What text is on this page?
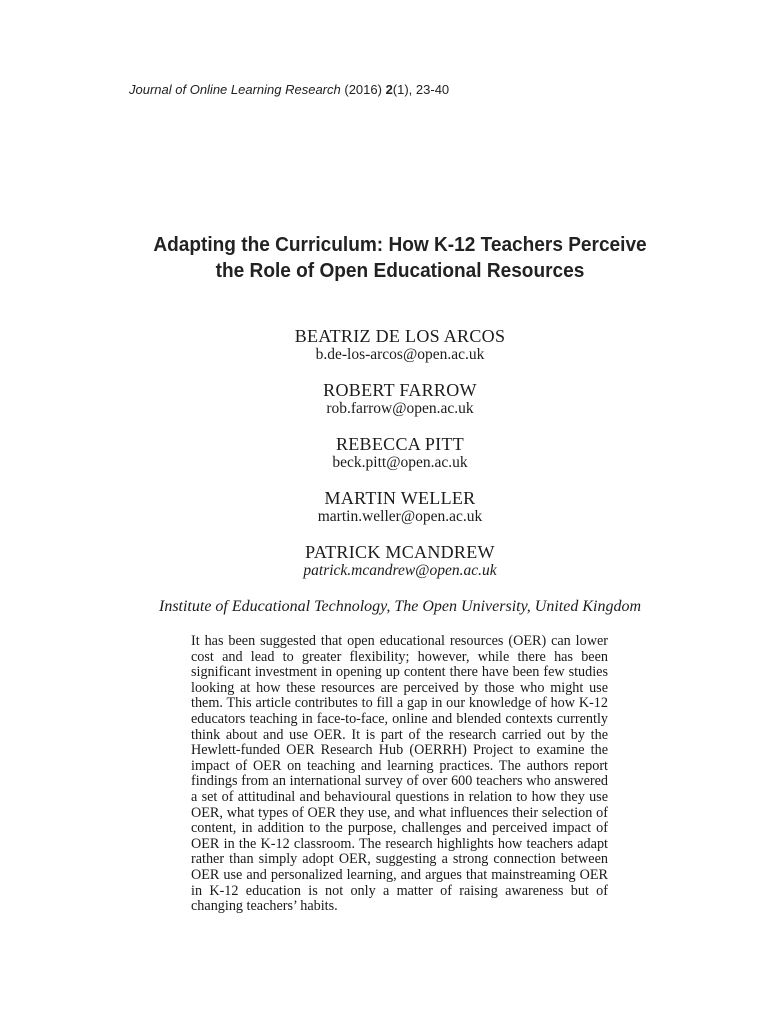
Journal of Online Learning Research (2016) 2(1), 23-40
Adapting the Curriculum: How K-12 Teachers Perceive
the Role of Open Educational Resources
BEATRIZ DE LOS ARCOS
b.de-los-arcos@open.ac.uk
ROBERT FARROW
rob.farrow@open.ac.uk
REBECCA PITT
beck.pitt@open.ac.uk
MARTIN WELLER
martin.weller@open.ac.uk
PATRICK MCANDREW
patrick.mcandrew@open.ac.uk
Institute of Educational Technology, The Open University, United Kingdom

It has been suggested that open educational resources (OER) can lower cost and lead to greater flexibility; however, while there has been significant investment in opening up content there have been few studies looking at how these resources are perceived by those who might use them. This article contributes to fill a gap in our knowledge of how K-12 educators teaching in face-to-face, online and blended contexts currently think about and use OER. It is part of the research carried out by the Hewlett-funded OER Research Hub (OERRH) Project to examine the impact of OER on teaching and learning practices. The authors report findings from an international survey of over 600 teachers who answered a set of attitudinal and behavioural questions in relation to how they use OER, what types of OER they use, and what influences their selection of content, in addition to the purpose, challenges and perceived impact of OER in the K-12 classroom. The research highlights how teachers adapt rather than simply adopt OER, suggesting a strong connection between OER use and personalized learning, and argues that mainstreaming OER in K-12 education is not only a matter of raising awareness but of changing teachers’ habits.
